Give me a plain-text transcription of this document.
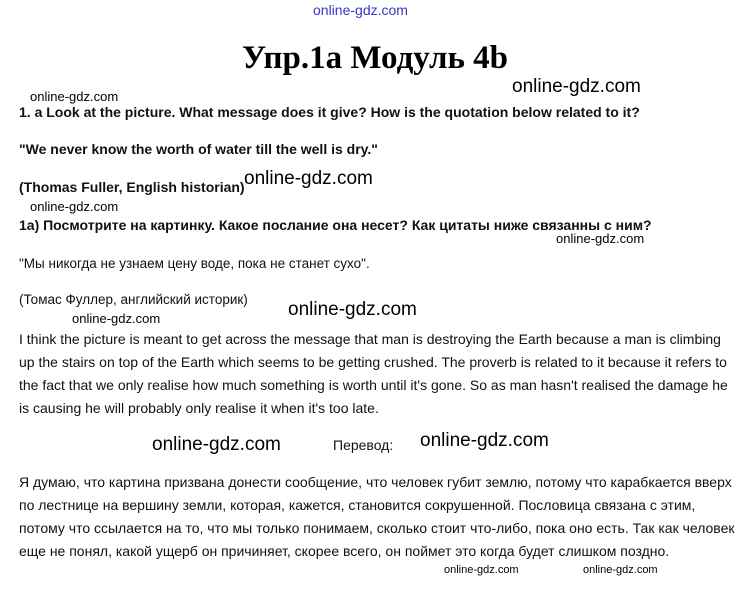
online-gdz.com
Упр.1а Модуль 4b
online-gdz.com	online-gdz.com
1. a Look at the picture. What message does it give? How is the quotation below related to it?
"We never know the worth of water till the well is dry."
(Thomas Fuller, English historian) online-gdz.com
online-gdz.com
1а) Посмотрите на картинку. Какое послание она несет? Как цитаты ниже связанны с ним?
online-gdz.com
"Мы никогда не узнаем цену воде, пока не станет сухо".
(Томас Фуллер, английский историк) online-gdz.com
online-gdz.com

I think the picture is meant to get across the message that man is destroying the Earth because a man is climbing up the stairs on top of the Earth which seems to be getting crushed. The proverb is related to it because it refers to the fact that we only realise how much something is worth until it's gone. So as man hasn't realised the damage he is causing he will probably only realise it when it's too late.

online-gdz.com	Перевод: online-gdz.com

Я думаю, что картина призвана донести сообщение, что человек губит землю, потому что карабкается вверх по лестнице на вершину земли, которая, кажется, становится сокрушенной. Пословица связана с этим, потому что ссылается на то, что мы только понимаем, сколько стоит что-либо, пока оно есть. Так как человек еще не понял, какой ущерб он причиняет, скорее всего, он поймет это когда будет слишком поздно.

online-gdz.com	online-gdz.com
